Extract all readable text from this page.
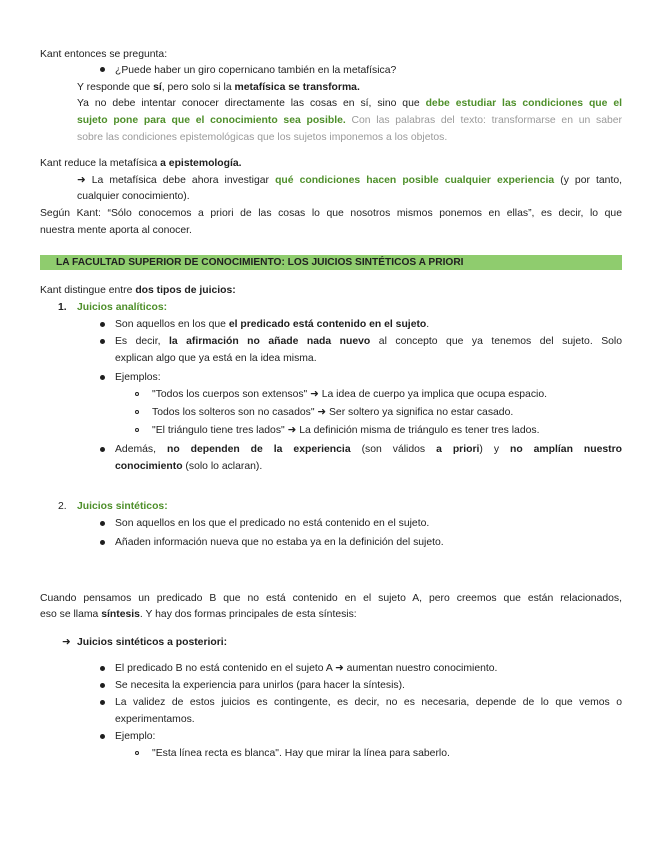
Kant entonces se pregunta:
¿Puede haber un giro copernicano también en la metafísica?
Y responde que sí, pero solo si la metafísica se transforma.
Ya no debe intentar conocer directamente las cosas en sí, sino que debe estudiar las condiciones que el
sujeto pone para que el conocimiento sea posible. Con las palabras del texto: transformarse en un saber
sobre las condiciones epistemológicas que los sujetos imponemos a los objetos.
Kant reduce la metafísica a epistemología.
➜ La metafísica debe ahora investigar qué condiciones hacen posible cualquier experiencia (y por tanto,
cualquier conocimiento).
Según Kant: “Sólo conocemos a priori de las cosas lo que nosotros mismos ponemos en ellas”, es decir, lo que
nuestra mente aporta al conocer.
LA FACULTAD SUPERIOR DE CONOCIMIENTO: LOS JUICIOS SINTÉTICOS A PRIORI
Kant distingue entre dos tipos de juicios:
1. Juicios analíticos:
Son aquellos en los que el predicado está contenido en el sujeto.
Es decir, la afirmación no añade nada nuevo al concepto que ya tenemos del sujeto. Solo
explican algo que ya está en la idea misma.
Ejemplos:
"Todos los cuerpos son extensos" ➜ La idea de cuerpo ya implica que ocupa espacio.
Todos los solteros son no casados" ➜ Ser soltero ya significa no estar casado.
"El triángulo tiene tres lados" ➜ La definición misma de triángulo es tener tres lados.
Además, no dependen de la experiencia (son válidos a priori) y no amplían nuestro
conocimiento (solo lo aclaran).
2. Juicios sintéticos:
Son aquellos en los que el predicado no está contenido en el sujeto.
Añaden información nueva que no estaba ya en la definición del sujeto.
Cuando pensamos un predicado B que no está contenido en el sujeto A, pero creemos que están relacionados,
eso se llama síntesis. Y hay dos formas principales de esta síntesis:
➜ Juicios sintéticos a posteriori:
El predicado B no está contenido en el sujeto A ➜ aumentan nuestro conocimiento.
Se necesita la experiencia para unirlos (para hacer la síntesis).
La validez de estos juicios es contingente, es decir, no es necesaria, depende de lo que vemos o
experimentamos.
Ejemplo:
"Esta línea recta es blanca". Hay que mirar la línea para saberlo.
